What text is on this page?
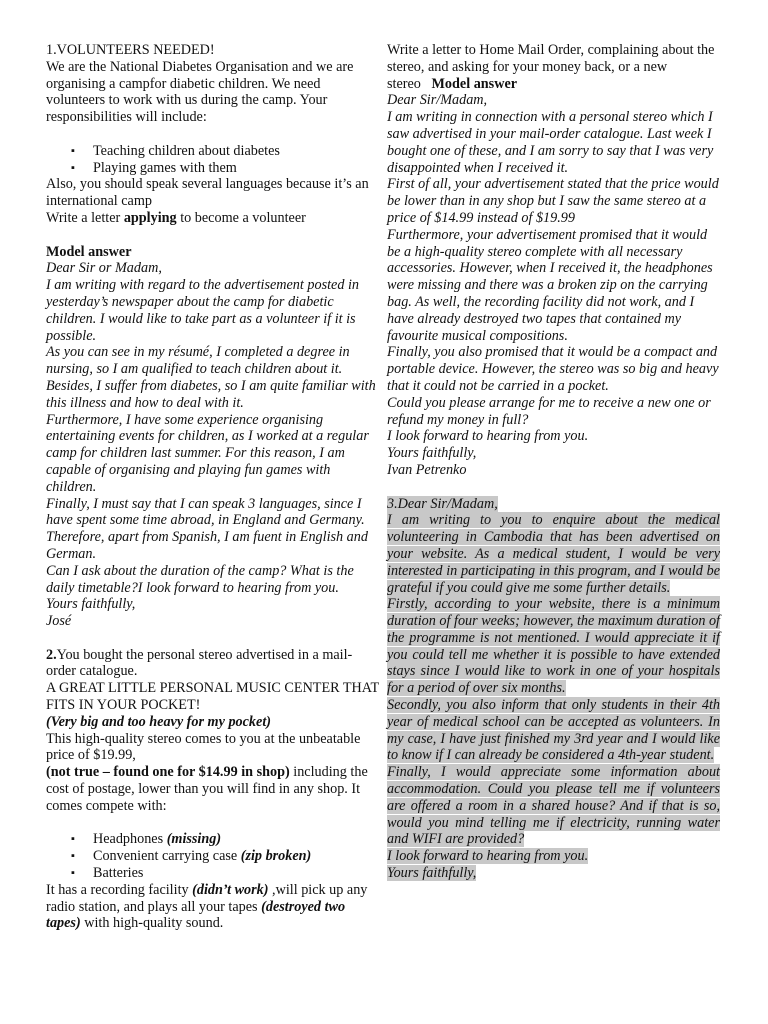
1.VOLUNTEERS NEEDED!

We are the National Diabetes Organisation and we are organising a campfor diabetic children. We need volunteers to work with us during the camp. Your responsibilities will include:

▪ Teaching children about diabetes
▪ Playing games with them

Also, you should speak several languages because it’s an international camp

Write a letter applying to become a volunteer

Model answer

Dear Sir or Madam,

I am writing with regard to the advertisement posted in yesterday’s newspaper about the camp for diabetic children. I would like to take part as a volunteer if it is possible.

As you can see in my résumé, I completed a degree in nursing, so I am qualified to teach children about it. Besides, I suffer from diabetes, so I am quite familiar with this illness and how to deal with it.

Furthermore, I have some experience organising entertaining events for children, as I worked at a regular camp for children last summer. For this reason, I am capable of organising and playing fun games with children.

Finally, I must say that I can speak 3 languages, since I have spent some time abroad, in England and Germany. Therefore, apart from Spanish, I am fuent in English and German.

Can I ask about the duration of the camp? What is the daily timetable?I look forward to hearing from you.

Yours faithfully,

José

2.You bought the personal stereo advertised in a mail-order catalogue.

A GREAT LITTLE PERSONAL MUSIC CENTER THAT FITS IN YOUR POCKET!

(Very big and too heavy for my pocket)

This high-quality stereo comes to you at the unbeatable price of $19.99,

(not true – found one for $14.99 in shop) including the cost of postage, lower than you will find in any shop. It comes compete with:

▪ Headphones (missing)
▪ Convenient carrying case (zip broken)
▪ Batteries

It has a recording facility (didn’t work) ,will pick up any radio station, and plays all your tapes (destroyed two tapes) with high-quality sound.

Write a letter to Home Mail Order, complaining about the stereo, and asking for your money back, or a new stereo Model answer

Dear Sir/Madam,

I am writing in connection with a personal stereo which I saw advertised in your mail-order catalogue. Last week I bought one of these, and I am sorry to say that I was very disappointed when I received it.

First of all, your advertisement stated that the price would be lower than in any shop but I saw the same stereo at a price of $14.99 instead of $19.99

Furthermore, your advertisement promised that it would be a high-quality stereo complete with all necessary accessories. However, when I received it, the headphones were missing and there was a broken zip on the carrying bag. As well, the recording facility did not work, and I have already destroyed two tapes that contained my favourite musical compositions.

Finally, you also promised that it would be a compact and portable device. However, the stereo was so big and heavy that it could not be carried in a pocket.

Could you please arrange for me to receive a new one or refund my money in full?

I look forward to hearing from you.

Yours faithfully,

Ivan Petrenko

3.Dear Sir/Madam,

I am writing to you to enquire about the medical volunteering in Cambodia that has been advertised on your website. As a medical student, I would be very interested in participating in this program, and I would be grateful if you could give me some further details.

Firstly, according to your website, there is a minimum duration of four weeks; however, the maximum duration of the programme is not mentioned. I would appreciate it if you could tell me whether it is possible to have extended stays since I would like to work in one of your hospitals for a period of over six months.

Secondly, you also inform that only students in their 4th year of medical school can be accepted as volunteers. In my case, I have just finished my 3rd year and I would like to know if I can already be considered a 4th-year student.

Finally, I would appreciate some information about accommodation. Could you please tell me if volunteers are offered a room in a shared house? And if that is so, would you mind telling me if electricity, running water and WIFI are provided?

I look forward to hearing from you.

Yours faithfully,
